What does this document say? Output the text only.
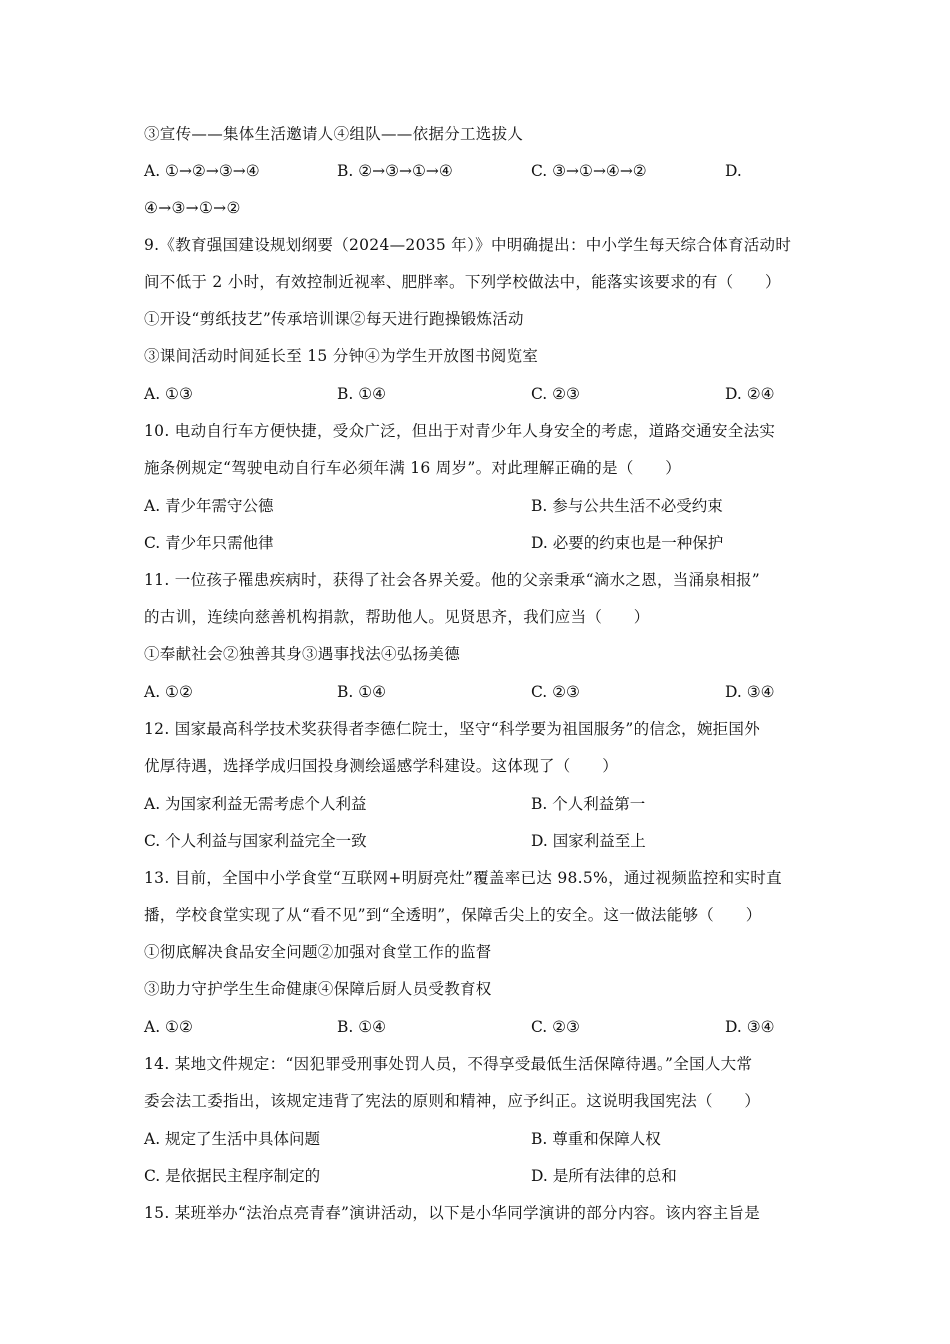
③宣传——集体生活邀请人④组队——依据分工选拔人
A. ①→②→③→④	B. ②→③→①→④	C. ③→①→④→②	D.
④→③→①→②
9.《教育强国建设规划纲要（2024—2035 年）》中明确提出：中小学生每天综合体育活动时
间不低于 2 小时，有效控制近视率、肥胖率。下列学校做法中，能落实该要求的有（　　）
①开设“剪纸技艺”传承培训课②每天进行跑操锻炼活动
③课间活动时间延长至 15 分钟④为学生开放图书阅览室
A. ①③	B. ①④	C. ②③	D. ②④
10. 电动自行车方便快捷，受众广泛，但出于对青少年人身安全的考虑，道路交通安全法实
施条例规定“驾驶电动自行车必须年满 16 周岁”。对此理解正确的是（　　）
A. 青少年需守公德	B. 参与公共生活不必受约束
C. 青少年只需他律	D. 必要的约束也是一种保护
11. 一位孩子罹患疾病时，获得了社会各界关爱。他的父亲秉承“滴水之恩，当涌泉相报”
的古训，连续向慈善机构捐款，帮助他人。见贤思齐，我们应当（　　）
①奉献社会②独善其身③遇事找法④弘扬美德
A. ①②	B. ①④	C. ②③	D. ③④
12. 国家最高科学技术奖获得者李德仁院士，坚守“科学要为祖国服务”的信念，婉拒国外
优厚待遇，选择学成归国投身测绘遥感学科建设。这体现了（　　）
A. 为国家利益无需考虑个人利益	B. 个人利益第一
C. 个人利益与国家利益完全一致	D. 国家利益至上
13. 目前，全国中小学食堂“互联网+明厨亮灶”覆盖率已达 98.5%，通过视频监控和实时直
播，学校食堂实现了从“看不见”到“全透明”，保障舌尖上的安全。这一做法能够（　　）
①彻底解决食品安全问题②加强对食堂工作的监督
③助力守护学生生命健康④保障后厨人员受教育权
A. ①②	B. ①④	C. ②③	D. ③④
14. 某地文件规定：“因犯罪受刑事处罚人员，不得享受最低生活保障待遇。”全国人大常
委会法工委指出，该规定违背了宪法的原则和精神，应予纠正。这说明我国宪法（　　）
A. 规定了生活中具体问题	B. 尊重和保障人权
C. 是依据民主程序制定的	D. 是所有法律的总和
15. 某班举办“法治点亮青春”演讲活动，以下是小华同学演讲的部分内容。该内容主旨是
